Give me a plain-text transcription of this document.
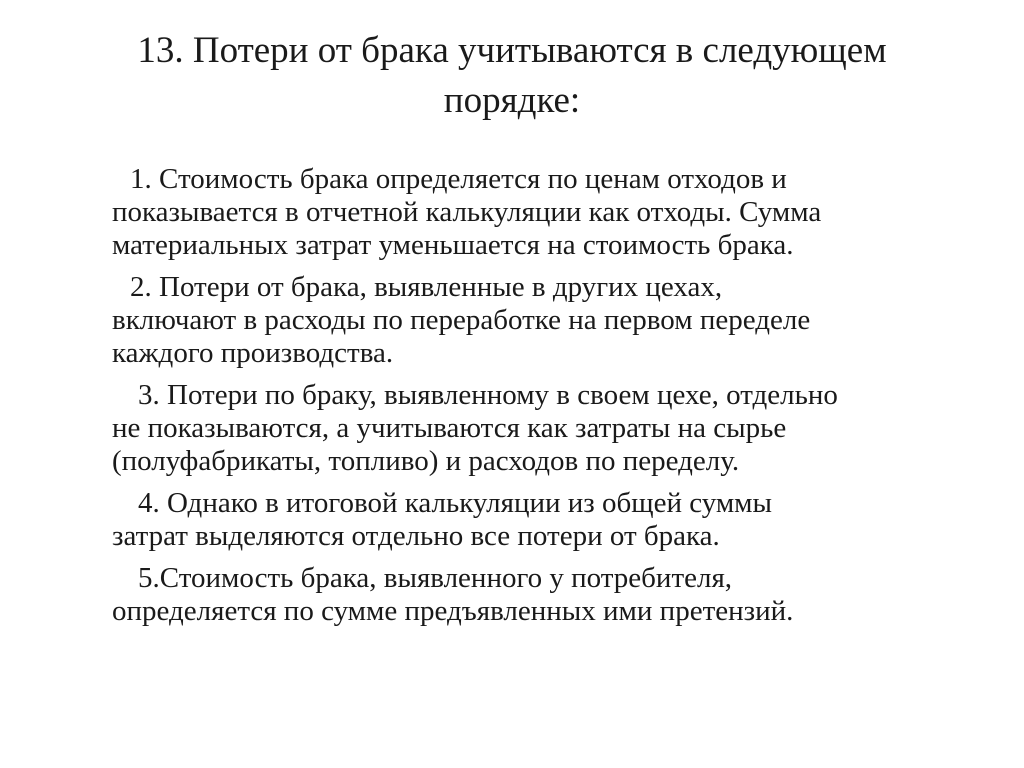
13. Потери от брака учитываются в следующем
порядке:
1. Стоимость брака определяется по ценам отходов и
показывается в отчетной калькуляции как отходы. Сумма
материальных затрат уменьшается на стоимость брака.
2. Потери от брака, выявленные в других цехах,
включают в расходы по переработке на первом переделе
каждого производства.
3. Потери по браку, выявленному в своем цехе, отдельно
не показываются, а учитываются как затраты на сырье
(полуфабрикаты, топливо) и расходов по переделу.
4. Однако в итоговой калькуляции из общей суммы
затрат выделяются отдельно все потери от брака.
5.Стоимость брака, выявленного у потребителя,
определяется по сумме предъявленных ими претензий.
